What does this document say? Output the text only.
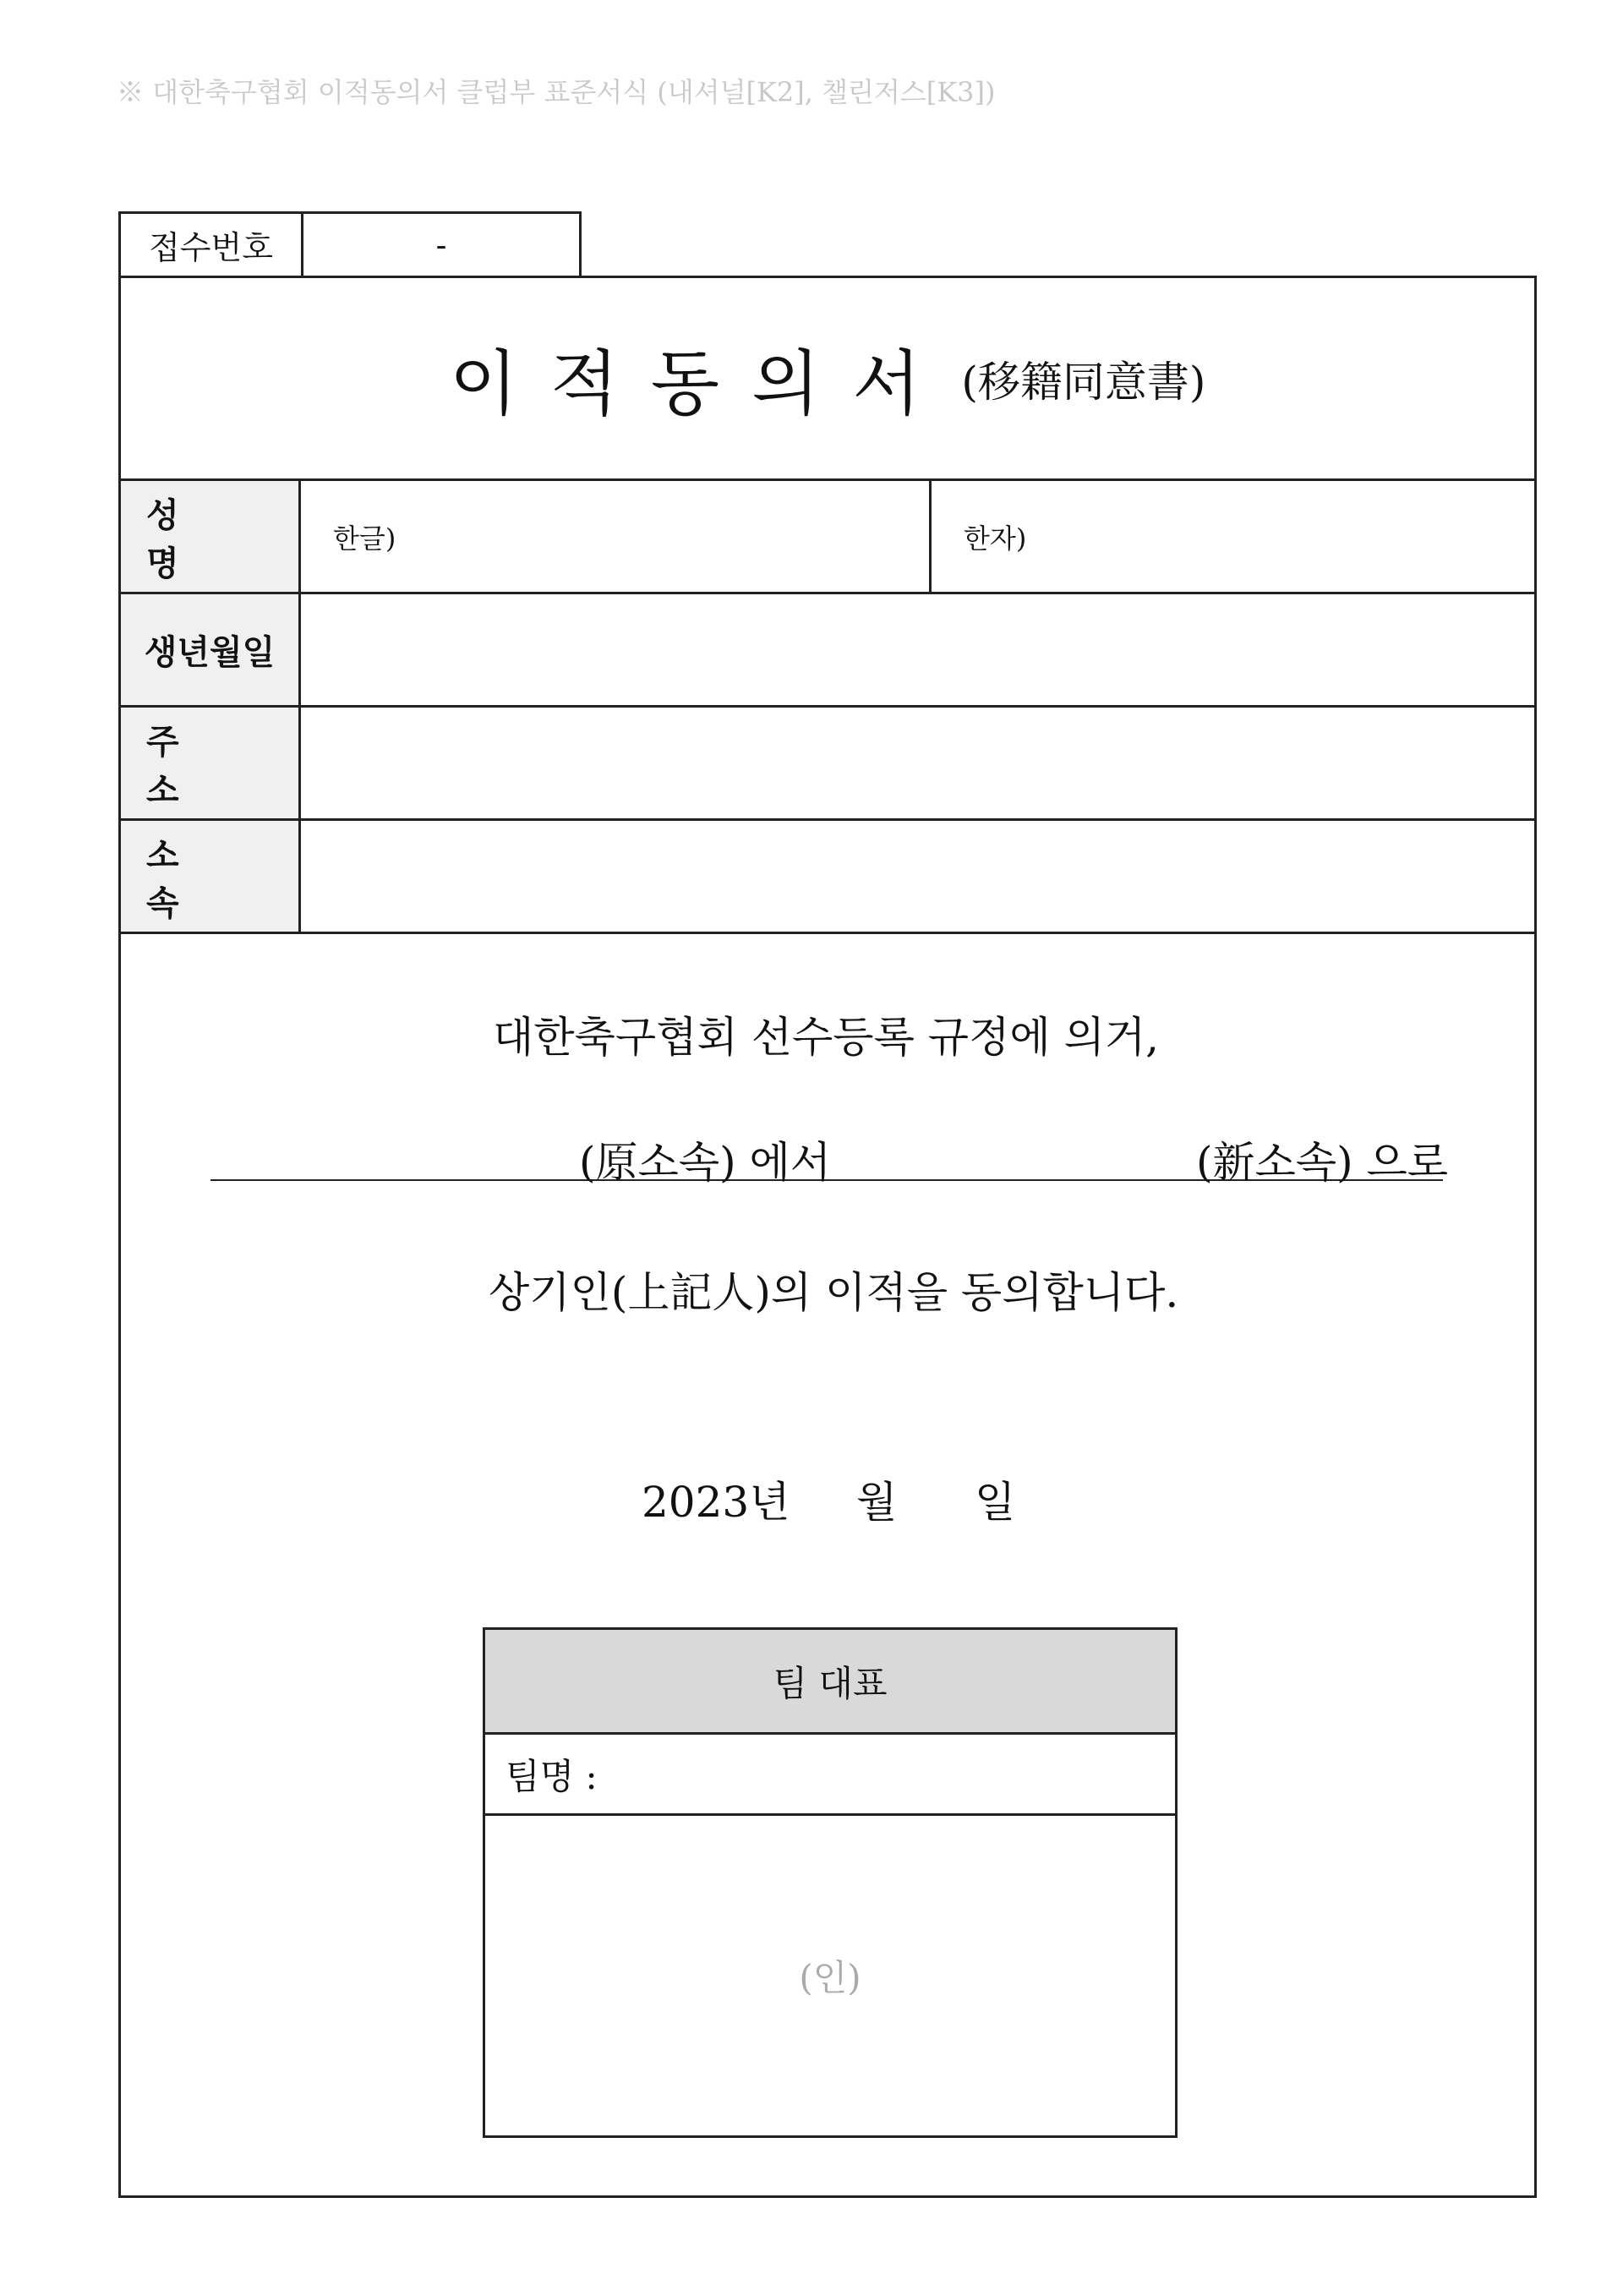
※ 대한축구협회 이적동의서 클럽부 표준서식 (내셔널[K2], 챌린저스[K3])
접수번호	-
이적동의서 (移籍同意書)
성 명
한글)	한자)
생년월일
주 소
소 속
대한축구협회 선수등록 규정에 의거,
(原소속) 에서	(新소속) 으로
상기인(上記人)의 이적을 동의합니다.
2023년 월 일
팀 대표
팀명 :
(인)
